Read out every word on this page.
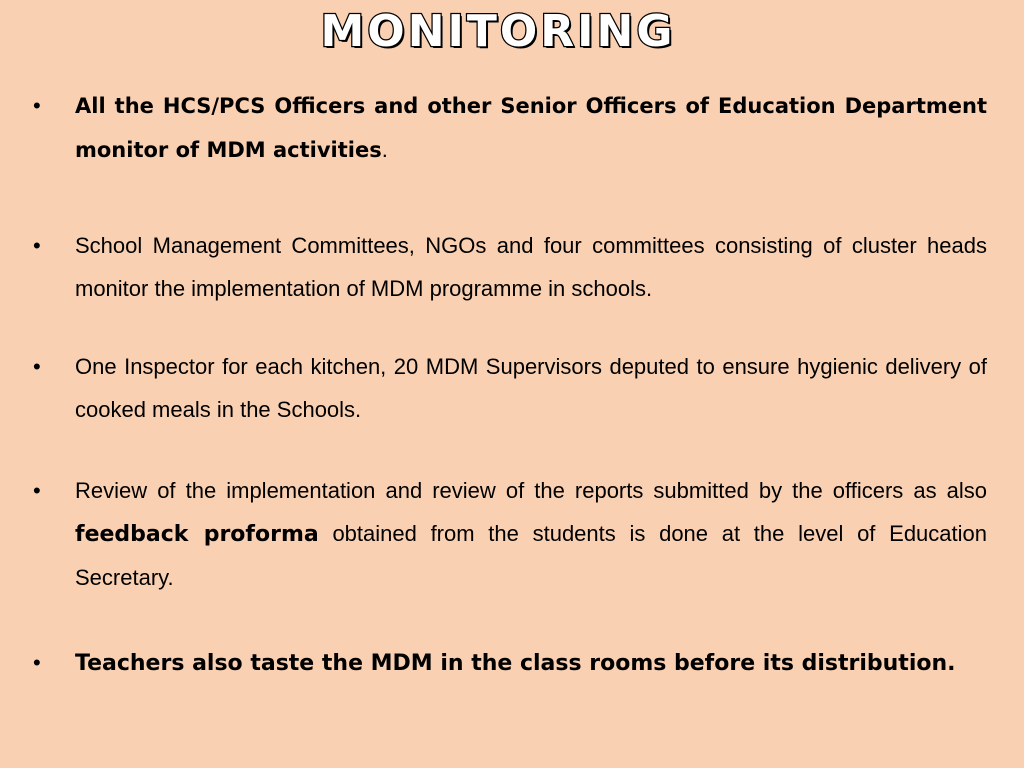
MONITORING
• All the HCS/PCS Officers and other Senior Officers of Education Department monitor of MDM activities.
• School Management Committees, NGOs and four committees consisting of cluster heads monitor the implementation of MDM programme in schools.
• One Inspector for each kitchen, 20 MDM Supervisors deputed to ensure hygienic delivery of cooked meals in the Schools.
• Review of the implementation and review of the reports submitted by the officers as also feedback proforma obtained from the students is done at the level of Education Secretary.
• Teachers also taste the MDM in the class rooms before its distribution.
